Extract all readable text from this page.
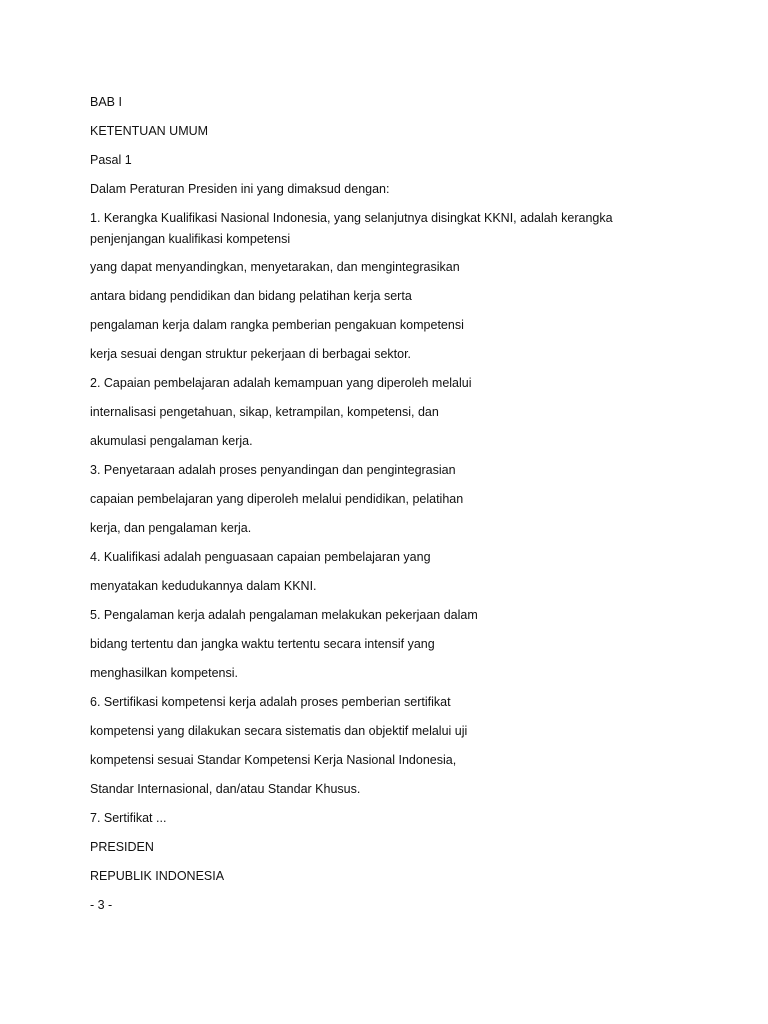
BAB I
KETENTUAN UMUM
Pasal 1
Dalam Peraturan Presiden ini yang dimaksud dengan:
1. Kerangka Kualifikasi Nasional Indonesia, yang selanjutnya disingkat KKNI, adalah kerangka
penjenjangan kualifikasi kompetensi
yang dapat menyandingkan, menyetarakan, dan mengintegrasikan
antara bidang pendidikan dan bidang pelatihan kerja serta
pengalaman kerja dalam rangka pemberian pengakuan kompetensi
kerja sesuai dengan struktur pekerjaan di berbagai sektor.
2. Capaian pembelajaran adalah kemampuan yang diperoleh melalui
internalisasi pengetahuan, sikap, ketrampilan, kompetensi, dan
akumulasi pengalaman kerja.
3. Penyetaraan adalah proses penyandingan dan pengintegrasian
capaian pembelajaran yang diperoleh melalui pendidikan, pelatihan
kerja, dan pengalaman kerja.
4. Kualifikasi adalah penguasaan capaian pembelajaran yang
menyatakan kedudukannya dalam KKNI.
5. Pengalaman kerja adalah pengalaman melakukan pekerjaan dalam
bidang tertentu dan jangka waktu tertentu secara intensif yang
menghasilkan kompetensi.
6. Sertifikasi kompetensi kerja adalah proses pemberian sertifikat
kompetensi yang dilakukan secara sistematis dan objektif melalui uji
kompetensi sesuai Standar Kompetensi Kerja Nasional Indonesia,
Standar Internasional, dan/atau Standar Khusus.
7. Sertifikat ...
PRESIDEN
REPUBLIK INDONESIA
- 3 -
